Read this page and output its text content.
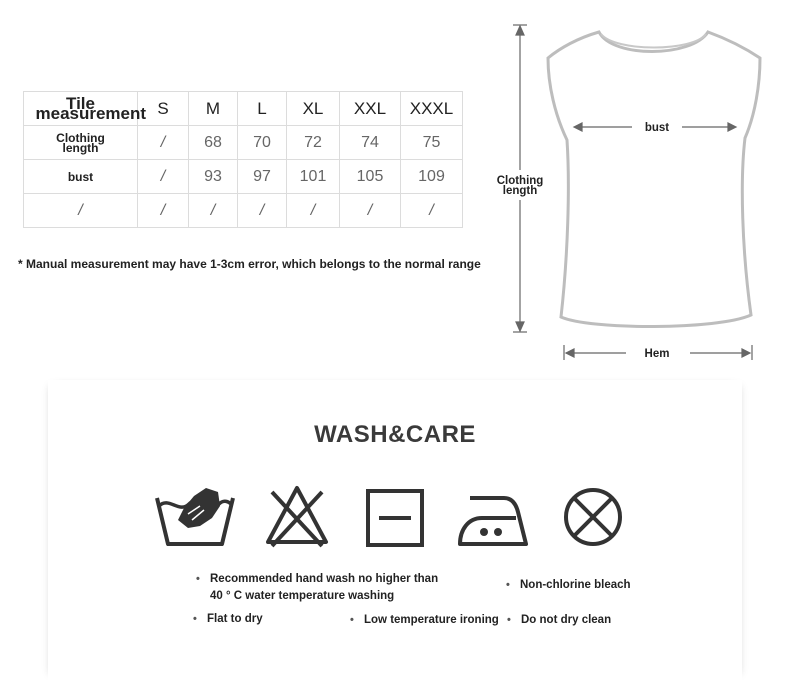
Tile measurement	S	M	L	XL	XXL	XXXL
Clothing length	/	68	70	72	74	75
bust	/	93	97	101	105	109
/	/	/	/	/	/	/
* Manual measurement may have 1-3cm error, which belongs to the normal range
bust
Clothing length
Hem
WASH&CARE
• Recommended hand wash no higher than
40 ° C water temperature washing
• Non-chlorine bleach
• Flat to dry	• Low temperature ironing • Do not dry clean
